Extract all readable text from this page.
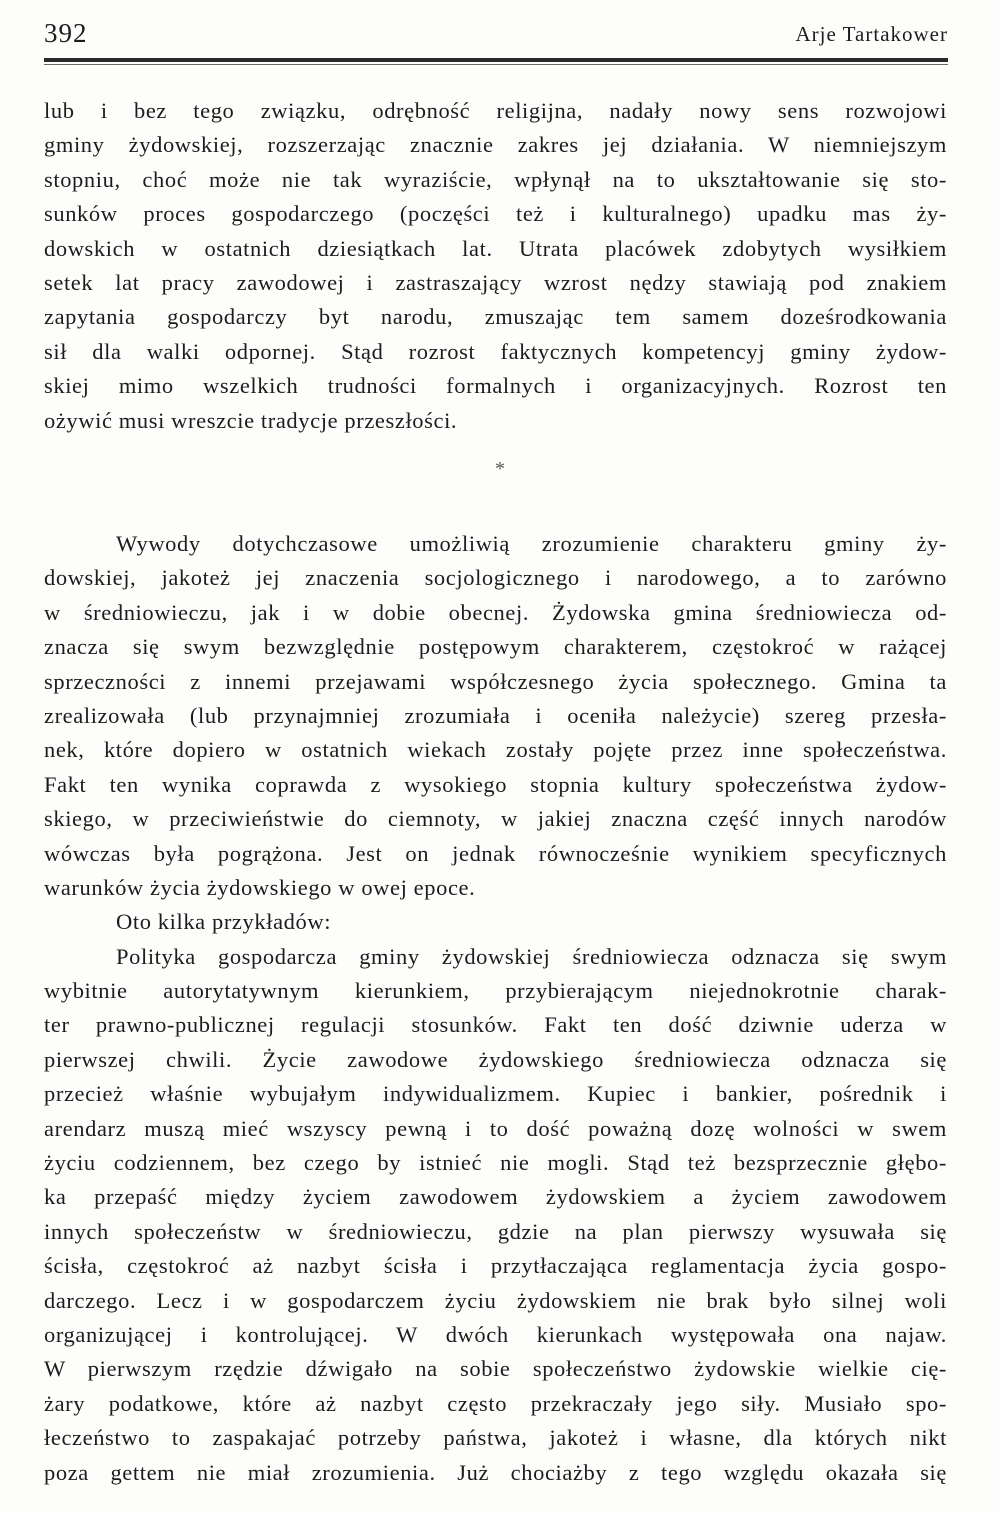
392	Arje Tartakower
lub i bez tego związku, odrębność religijna, nadały nowy sens rozwojowi
gminy żydowskiej, rozszerzając znacznie zakres jej działania. W niemniejszym
stopniu, choć może nie tak wyraziście, wpłynął na to ukształtowanie się sto-
sunków proces gospodarczego (poczęści też i kulturalnego) upadku mas ży-
dowskich w ostatnich dziesiątkach lat. Utrata placówek zdobytych wysiłkiem
setek lat pracy zawodowej i zastraszający wzrost nędzy stawiają pod znakiem
zapytania gospodarczy byt narodu, zmuszając tem samem doześrodkowania
sił dla walki odpornej. Stąd rozrost faktycznych kompetencyj gminy żydow-
skiej mimo wszelkich trudności formalnych i organizacyjnych. Rozrost ten
ożywić musi wreszcie tradycje przeszłości.
*
Wywody dotychczasowe umożliwią zrozumienie charakteru gminy ży-
dowskiej, jakoteż jej znaczenia socjologicznego i narodowego, a to zarówno
w średniowieczu, jak i w dobie obecnej. Żydowska gmina średniowiecza od-
znacza się swym bezwzględnie postępowym charakterem, częstokroć w rażącej
sprzeczności z innemi przejawami współczesnego życia społecznego. Gmina ta
zrealizowała (lub przynajmniej zrozumiała i oceniła należycie) szereg przesła-
nek, które dopiero w ostatnich wiekach zostały pojęte przez inne społeczeństwa.
Fakt ten wynika coprawda z wysokiego stopnia kultury społeczeństwa żydow-
skiego, w przeciwieństwie do ciemnoty, w jakiej znaczna część innych narodów
wówczas była pogrążona. Jest on jednak równocześnie wynikiem specyficznych
warunków życia żydowskiego w owej epoce.
Oto kilka przykładów:
Polityka gospodarcza gminy żydowskiej średniowiecza odznacza się swym
wybitnie autorytatywnym kierunkiem, przybierającym niejednokrotnie charak-
ter prawno-publicznej regulacji stosunków. Fakt ten dość dziwnie uderza w
pierwszej chwili. Życie zawodowe żydowskiego średniowiecza odznacza się
przecież właśnie wybujałym indywidualizmem. Kupiec i bankier, pośrednik i
arendarz muszą mieć wszyscy pewną i to dość poważną dozę wolności w swem
życiu codziennem, bez czego by istnieć nie mogli. Stąd też bezsprzecznie głębo-
ka przepaść między życiem zawodowem żydowskiem a życiem zawodowem
innych społeczeństw w średniowieczu, gdzie na plan pierwszy wysuwała się
ścisła, częstokroć aż nazbyt ścisła i przytłaczająca reglamentacja życia gospo-
darczego. Lecz i w gospodarczem życiu żydowskiem nie brak było silnej woli
organizującej i kontrolującej. W dwóch kierunkach występowała ona najaw.
W pierwszym rzędzie dźwigało na sobie społeczeństwo żydowskie wielkie cię-
żary podatkowe, które aż nazbyt często przekraczały jego siły. Musiało spo-
łeczeństwo to zaspakajać potrzeby państwa, jakoteż i własne, dla których nikt
poza gettem nie miał zrozumienia. Już chociażby z tego względu okazała się
